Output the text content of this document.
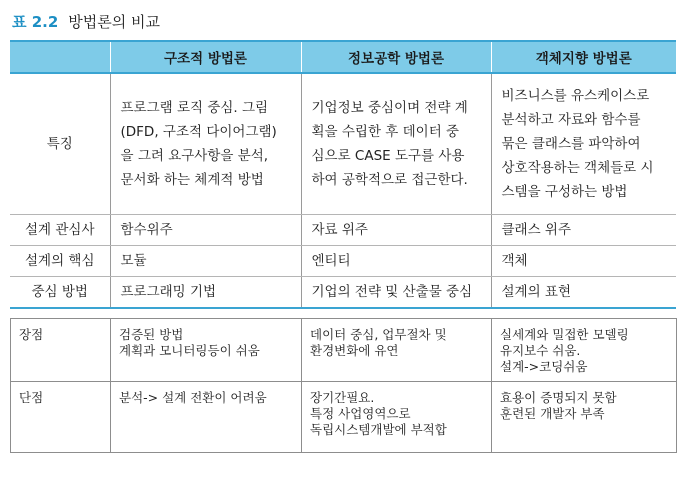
표 2.2 방법론의 비교
	구조적 방법론	정보공학 방법론	객체지향 방법론
특징	프로그램 로직 중심. 그림
(DFD, 구조적 다이어그램)
을 그려 요구사항을 분석,
문서화 하는 체계적 방법	기업정보 중심이며 전략 계
획을 수립한 후 데이터 중
심으로 CASE 도구를 사용
하여 공학적으로 접근한다.	비즈니스를 유스케이스로
분석하고 자료와 함수를
묶은 클래스를 파악하여
상호작용하는 객체들로 시
스템을 구성하는 방법

설계 관심사	함수위주	자료 위주	클래스 위주
설계의 핵심	모듈	엔티티	객체
중심 방법	프로그래밍 기법	기업의 전략 및 산출물 중심	설계의 표현
장점	검증된 방법
계획과 모니터링등이 쉬움	데이터 중심, 업무절차 및
환경변화에 유연	실세계와 밀접한 모델링
유지보수 쉬움.
설계->코딩쉬움

단점	분석-> 설계 전환이 어려움	장기간필요.
특정 사업영역으로
독립시스템개발에 부적합	효용이 증명되지 못함
훈련된 개발자 부족
